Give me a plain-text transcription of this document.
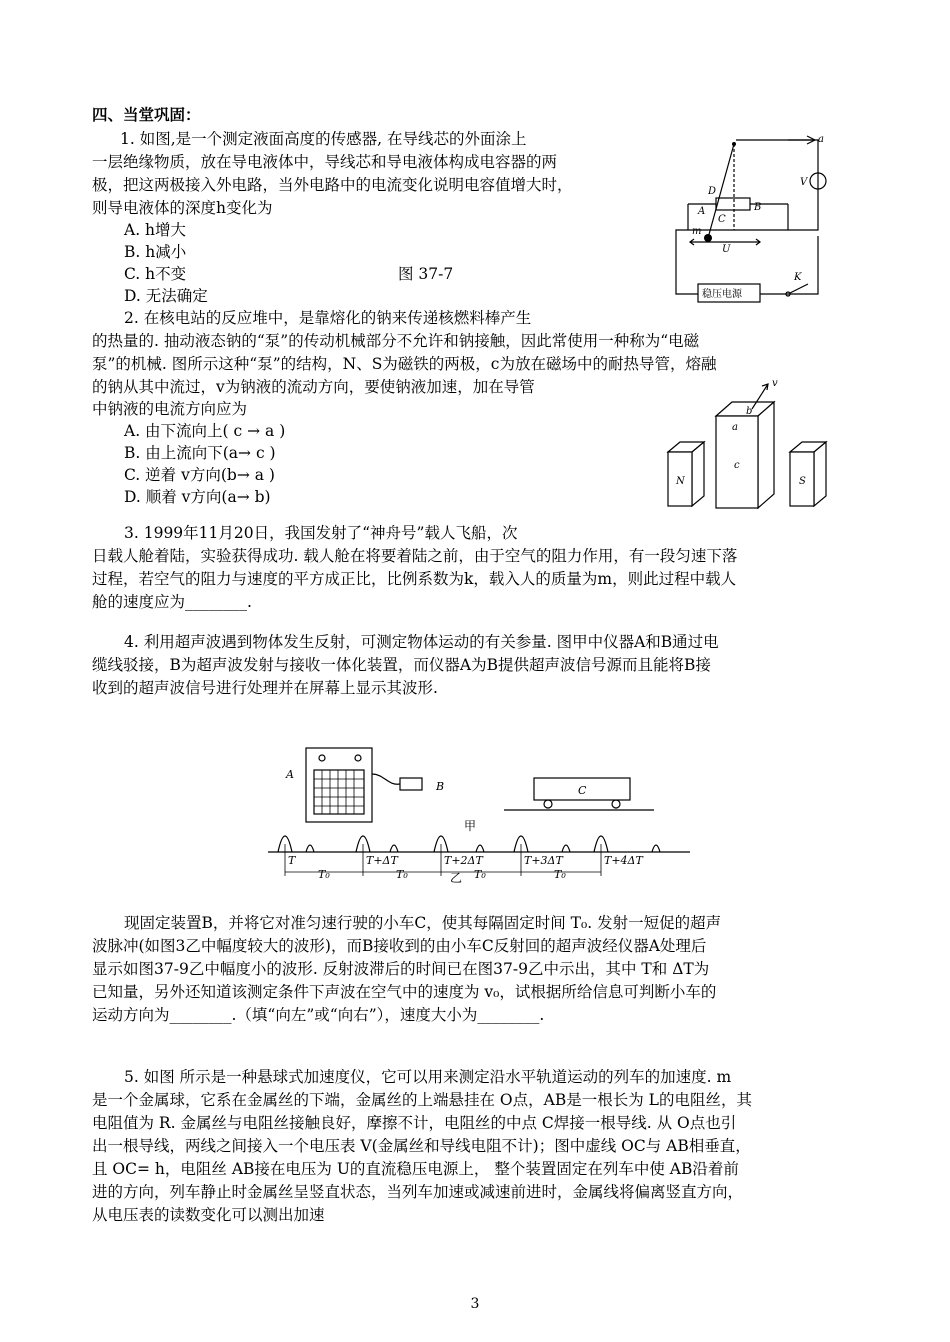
四、当堂巩固：
1. 如图,是一个测定液面高度的传感器, 在导线芯的外面涂上
一层绝缘物质，放在导电液体中，导线芯和导电液体构成电容器的两
极，把这两极接入外电路，当外电路中的电流变化说明电容值增大时，
则导电液体的深度h变化为
A. h增大
B. h减小
C. h不变	图 37-7
D. 无法确定
a
V
D
A
C
B
m
U
K
稳压电源
2. 在核电站的反应堆中，是靠熔化的钠来传递核燃料棒产生
的热量的. 抽动液态钠的“泵”的传动机械部分不允许和钠接触，因此常使用一种称为“电磁
泵”的机械. 图所示这种“泵”的结构，N、S为磁铁的两极，c为放在磁场中的耐热导管，熔融
的钠从其中流过，v为钠液的流动方向，要使钠液加速，加在导管
中钠液的电流方向应为
A. 由下流向上( c → a )
B. 由上流向下(a→ c )
C. 逆着 v方向(b→ a )
D. 顺着 v方向(a→ b)
v
b
a
c
N	S
3. 1999年11月20日，我国发射了“神舟号”载人飞船，次
日载人舱着陆，实验获得成功. 载人舱在将要着陆之前，由于空气的阻力作用，有一段匀速下落
过程，若空气的阻力与速度的平方成正比，比例系数为k，载入人的质量为m，则此过程中载人
舱的速度应为________.
4. 利用超声波遇到物体发生反射，可测定物体运动的有关参量. 图甲中仪器A和B通过电
缆线驳接，B为超声波发射与接收一体化装置，而仪器A为B提供超声波信号源而且能将B接
收到的超声波信号进行处理并在屏幕上显示其波形.
A
B	C
T	T+ΔT	T+2ΔT	T+3ΔT	T+4ΔT
T₀	T₀	T₀	T₀
甲
乙
现固定装置B，并将它对准匀速行驶的小车C，使其每隔固定时间 T₀. 发射一短促的超声
波脉冲(如图3乙中幅度较大的波形)，而B接收到的由小车C反射回的超声波经仪器A处理后
显示如图37-9乙中幅度小的波形. 反射波滞后的时间已在图37-9乙中示出，其中 T和 ΔT为
已知量，另外还知道该测定条件下声波在空气中的速度为 v₀，试根据所给信息可判断小车的
运动方向为________.（填“向左”或“向右”），速度大小为________.
5. 如图 所示是一种悬球式加速度仪，它可以用来测定沿水平轨道运动的列车的加速度. m
是一个金属球，它系在金属丝的下端，金属丝的上端悬挂在 O点，AB是一根长为 L的电阻丝，其
电阻值为 R. 金属丝与电阻丝接触良好，摩擦不计，电阻丝的中点 C焊接一根导线. 从 O点也引
出一根导线，两线之间接入一个电压表 V(金属丝和导线电阻不计)；图中虚线 OC与 AB相垂直，
且 OC= h，电阻丝 AB接在电压为 U的直流稳压电源上， 整个装置固定在列车中使 AB沿着前
进的方向，列车静止时金属丝呈竖直状态，当列车加速或减速前进时，金属线将偏离竖直方向，
从电压表的读数变化可以测出加速
3
